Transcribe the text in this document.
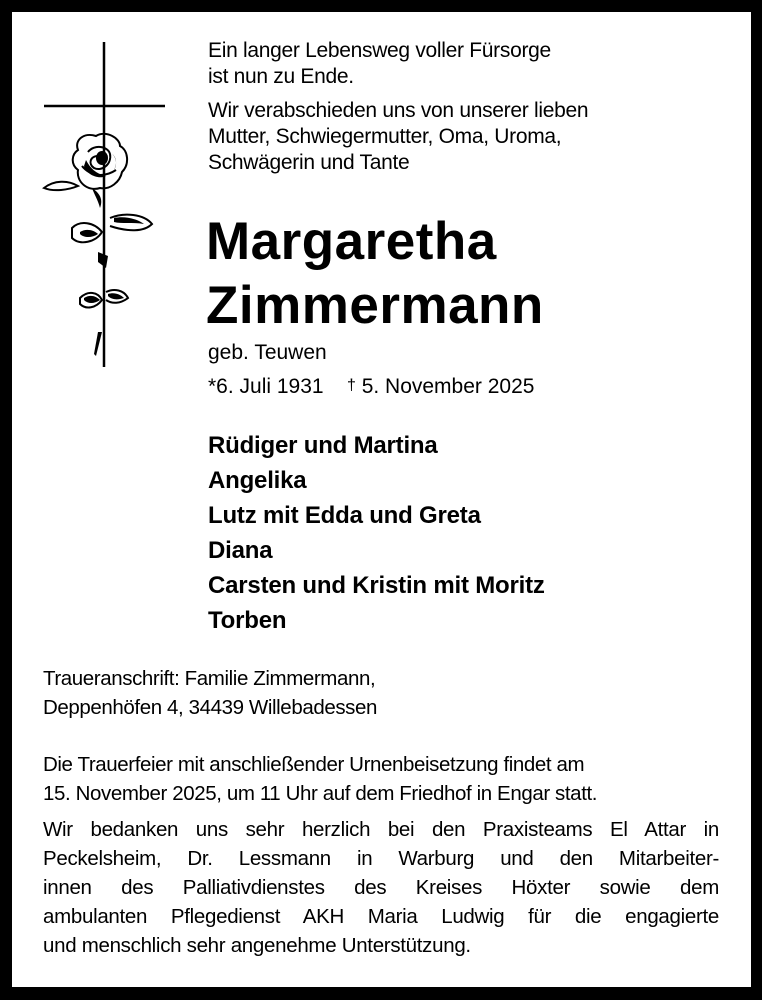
Ein langer Lebensweg voller Fürsorge
ist nun zu Ende.

Wir verabschieden uns von unserer lieben
Mutter, Schwiegermutter, Oma, Uroma,
Schwägerin und Tante

Margaretha
Zimmermann
geb. Teuwen
*6. Juli 1931 † 5. November 2025
Rüdiger und Martina
Angelika
Lutz mit Edda und Greta
Diana
Carsten und Kristin mit Moritz
Torben
Traueranschrift: Familie Zimmermann,
Deppenhöfen 4, 34439 Willebadessen
Die Trauerfeier mit anschließender Urnenbeisetzung findet am
15. November 2025, um 11 Uhr auf dem Friedhof in Engar statt.
Wir bedanken uns sehr herzlich bei den Praxisteams El Attar in
Peckelsheim, Dr. Lessmann in Warburg und den Mitarbeiter-
innen des Palliativdienstes des Kreises Höxter sowie dem
ambulanten Pflegedienst AKH Maria Ludwig für die engagierte
und menschlich sehr angenehme Unterstützung.
